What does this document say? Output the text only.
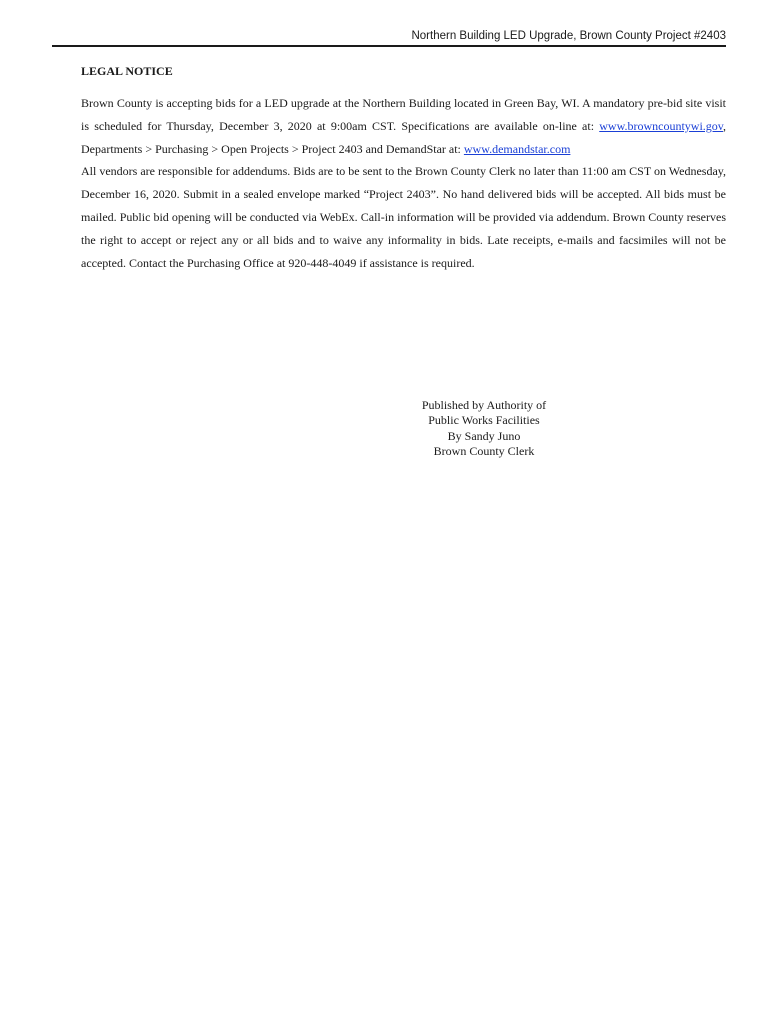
Northern Building LED Upgrade, Brown County Project #2403
LEGAL NOTICE

Brown County is accepting bids for a LED upgrade at the Northern Building located in Green Bay, WI. A mandatory pre-bid site visit is scheduled for Thursday, December 3, 2020 at 9:00am CST. Specifications are available on-line at: www.browncountywi.gov, Departments > Purchasing > Open Projects > Project 2403 and DemandStar at: www.demandstar.com

All vendors are responsible for addendums. Bids are to be sent to the Brown County Clerk no later than 11:00 am CST on Wednesday, December 16, 2020. Submit in a sealed envelope marked “Project 2403”. No hand delivered bids will be accepted. All bids must be mailed. Public bid opening will be conducted via WebEx. Call-in information will be provided via addendum. Brown County reserves the right to accept or reject any or all bids and to waive any informality in bids. Late receipts, e-mails and facsimiles will not be accepted. Contact the Purchasing Office at 920-448-4049 if assistance is required.

Published by Authority of
Public Works Facilities
By Sandy Juno
Brown County Clerk
